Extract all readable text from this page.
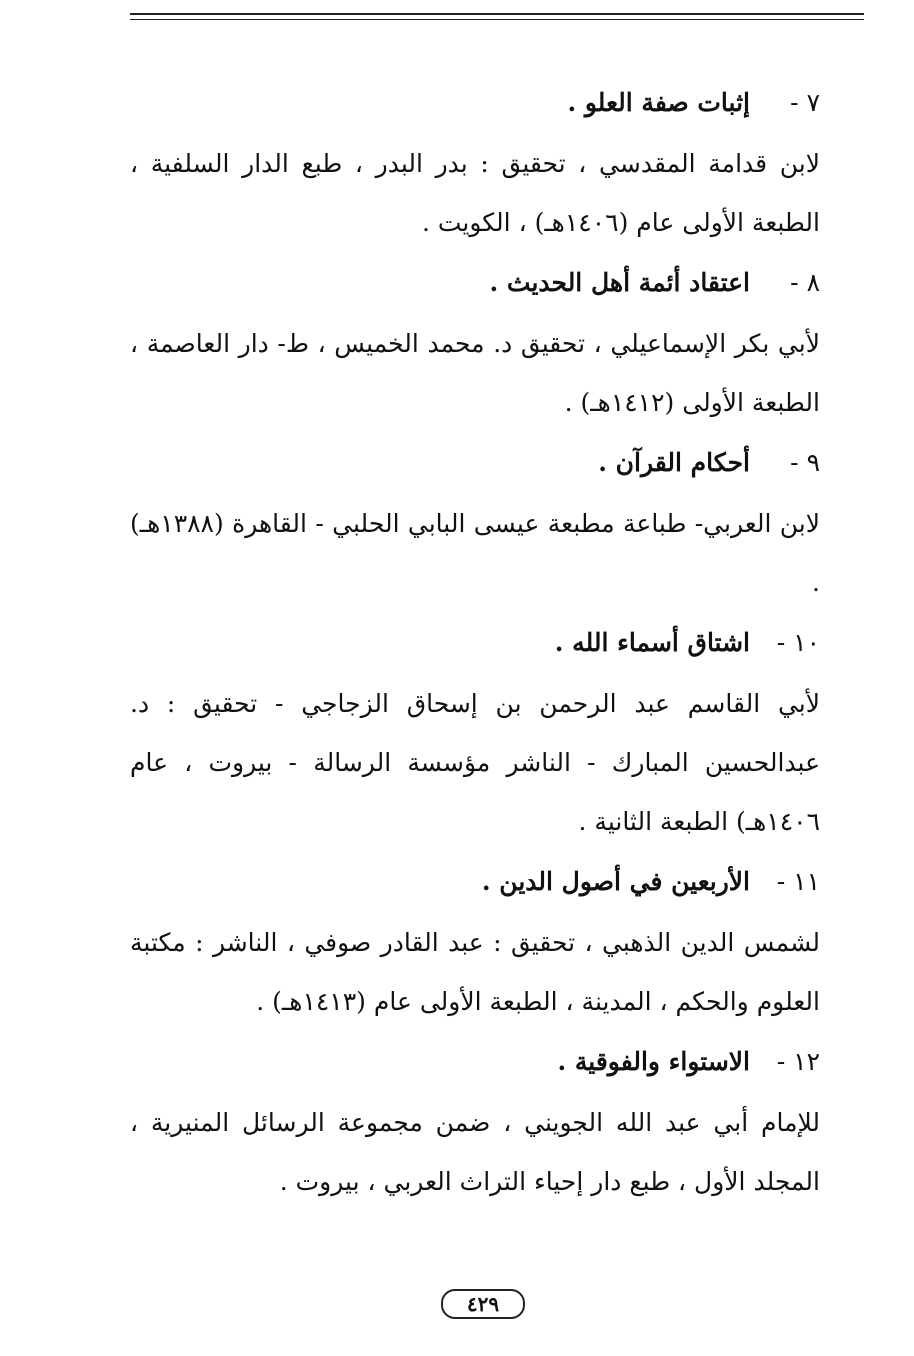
٧ -
إثبات صفة العلو .

لابن قدامة المقدسي ، تحقيق : بدر البدر ، طبع الدار السلفية ، الطبعة الأولى عام (١٤٠٦هـ) ، الكويت .

٨ -
اعتقاد أئمة أهل الحديث .

لأبي بكر الإسماعيلي ، تحقيق د. محمد الخميس ، ط- دار العاصمة ، الطبعة الأولى (١٤١٢هـ) .

٩ -
أحكام القرآن .

لابن العربي- طباعة مطبعة عيسى البابي الحلبي - القاهرة (١٣٨٨هـ) .

١٠ -
اشتاق أسماء الله .

لأبي القاسم عبد الرحمن بن إسحاق الزجاجي - تحقيق : د. عبدالحسين المبارك - الناشر مؤسسة الرسالة - بيروت ، عام ١٤٠٦هـ) الطبعة الثانية .

١١ -
الأربعين في أصول الدين .

لشمس الدين الذهبي ، تحقيق : عبد القادر صوفي ، الناشر : مكتبة العلوم والحكم ، المدينة ، الطبعة الأولى عام (١٤١٣هـ) .

١٢ -
الاستواء والفوقية .

للإمام أبي عبد الله الجويني ، ضمن مجموعة الرسائل المنيرية ، المجلد الأول ، طبع دار إحياء التراث العربي ، بيروت .

٤٢٩
